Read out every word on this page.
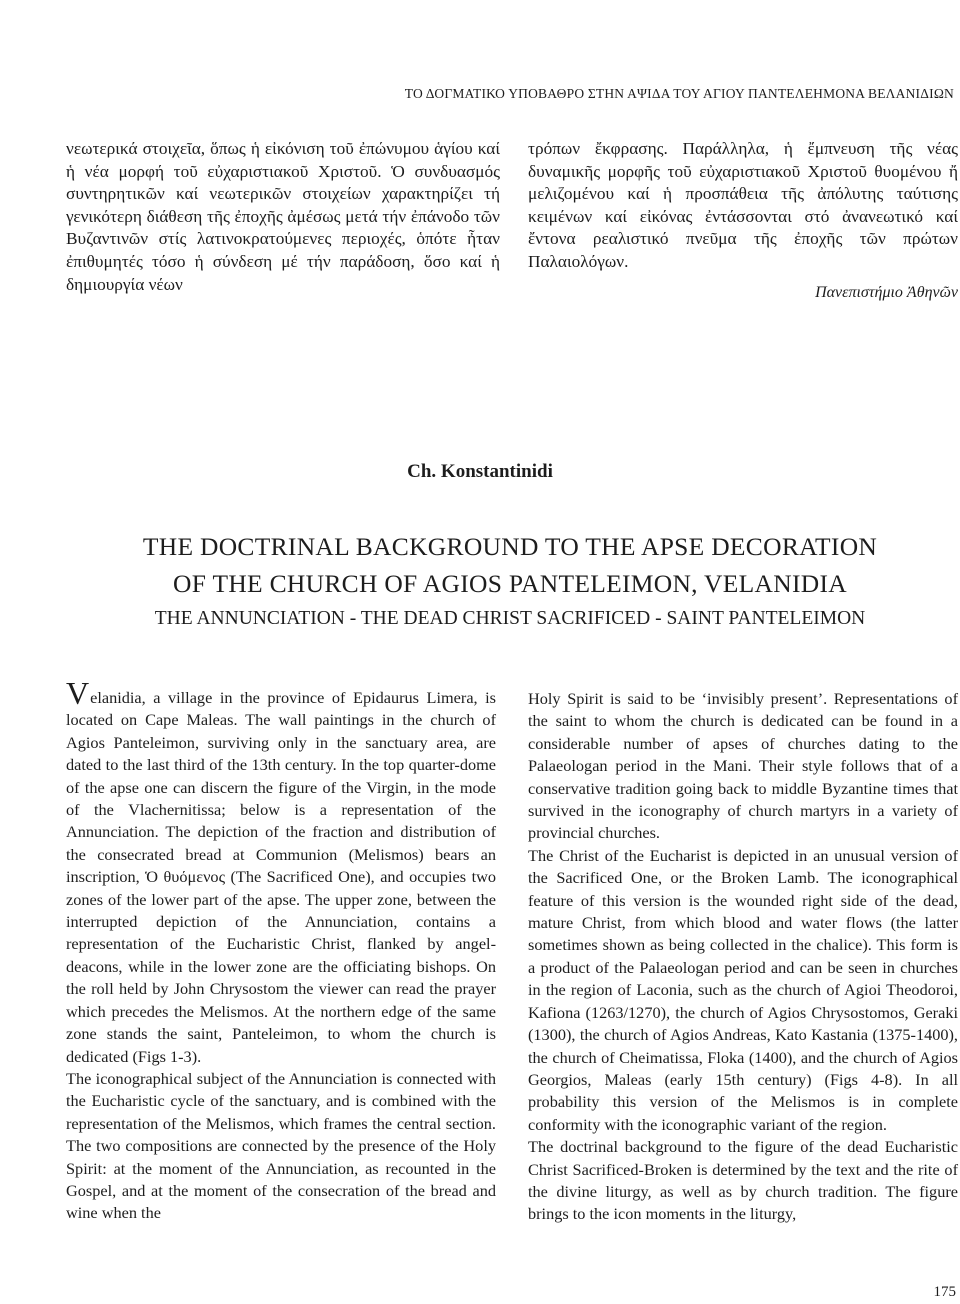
ΤΟ ΔΟΓΜΑΤΙΚΟ ΥΠΟΒΑΘΡΟ ΣΤΗΝ ΑΨΙΔΑ ΤΟΥ ΑΓΙΟΥ ΠΑΝΤΕΛΕΗΜΟΝΑ ΒΕΛΑΝΙΔΙΩΝ

νεωτερικά στοιχεῖα, ὅπως ἡ εἰκόνιση τοῦ ἐπώνυμου ἁγίου καί ἡ νέα μορφή τοῦ εὐχαριστιακοῦ Χριστοῦ. Ὁ συνδυασμός συντηρητικῶν καί νεωτερικῶν στοιχείων χαρακτηρίζει τή γενικότερη διάθεση τῆς ἐποχῆς ἀμέσως μετά τήν ἐπάνοδο τῶν Βυζαντινῶν στίς λατινοκρατούμενες περιοχές, ὁπότε ἦταν ἐπιθυμητές τόσο ἡ σύνδεση μέ τήν παράδοση, ὅσο καί ἡ δημιουργία νέων

τρόπων ἔκφρασης. Παράλληλα, ἡ ἔμπνευση τῆς νέας δυναμικῆς μορφῆς τοῦ εὐχαριστιακοῦ Χριστοῦ θυομένου ἤ μελιζομένου καί ἡ προσπάθεια τῆς ἀπόλυτης ταύτισης κειμένων καί εἰκόνας ἐντάσσονται στό ἀνανεωτικό καί ἔντονα ρεαλιστικό πνεῦμα τῆς ἐποχῆς τῶν πρώτων Παλαιολόγων.

Πανεπιστήμιο Ἀθηνῶν
Ch. Konstantinidi
THE DOCTRINAL BACKGROUND TO THE APSE DECORATION
OF THE CHURCH OF AGIOS PANTELEIMON, VELANIDIA
THE ANNUNCIATION - THE DEAD CHRIST SACRIFICED - SAINT PANTELEIMON

Velanidia, a village in the province of Epidaurus Limera, is located on Cape Maleas. The wall paintings in the church of Agios Panteleimon, surviving only in the sanctuary area, are dated to the last third of the 13th century. In the top quarter-dome of the apse one can discern the figure of the Virgin, in the mode of the Vlachernitissa; below is a representation of the Annunciation. The depiction of the fraction and distribution of the consecrated bread at Communion (Melismos) bears an inscription, Ὁ θυόμενος (The Sacrificed One), and occupies two zones of the lower part of the apse. The upper zone, between the interrupted depiction of the Annunciation, contains a representation of the Eucharistic Christ, flanked by angel-deacons, while in the lower zone are the officiating bishops. On the roll held by John Chrysostom the viewer can read the prayer which precedes the Melismos. At the northern edge of the same zone stands the saint, Panteleimon, to whom the church is dedicated (Figs 1-3).

The iconographical subject of the Annunciation is connected with the Eucharistic cycle of the sanctuary, and is combined with the representation of the Melismos, which frames the central section. The two compositions are connected by the presence of the Holy Spirit: at the moment of the Annunciation, as recounted in the Gospel, and at the moment of the consecration of the bread and wine when the

Holy Spirit is said to be ‘invisibly present’. Representations of the saint to whom the church is dedicated can be found in a considerable number of apses of churches dating to the Palaeologan period in the Mani. Their style follows that of a conservative tradition going back to middle Byzantine times that survived in the iconography of church martyrs in a variety of provincial churches.

The Christ of the Eucharist is depicted in an unusual version of the Sacrificed One, or the Broken Lamb. The iconographical feature of this version is the wounded right side of the dead, mature Christ, from which blood and water flows (the latter sometimes shown as being collected in the chalice). This form is a product of the Palaeologan period and can be seen in churches in the region of Laconia, such as the church of Agioi Theodoroi, Kafiona (1263/1270), the church of Agios Chrysostomos, Geraki (1300), the church of Agios Andreas, Kato Kastania (1375-1400), the church of Cheimatissa, Floka (1400), and the church of Agios Georgios, Maleas (early 15th century) (Figs 4-8). In all probability this version of the Melismos is in complete conformity with the iconographic variant of the region.

The doctrinal background to the figure of the dead Eucharistic Christ Sacrificed-Broken is determined by the text and the rite of the divine liturgy, as well as by church tradition. The figure brings to the icon moments in the liturgy,

175
